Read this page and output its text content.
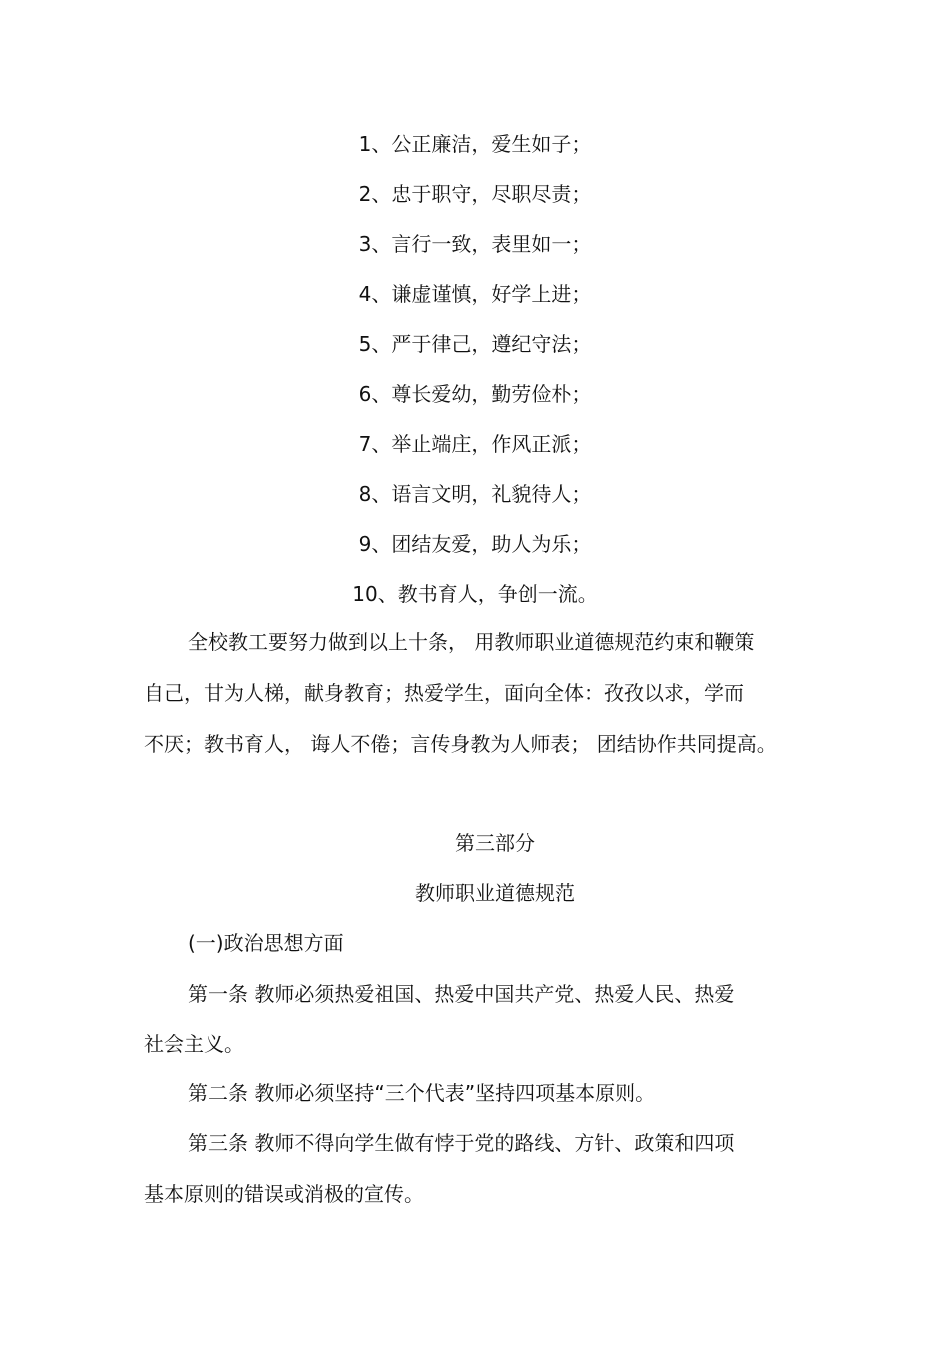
1、公正廉洁，爱生如子；
2、忠于职守，尽职尽责；
3、言行一致，表里如一；
4、谦虚谨慎，好学上进；
5、严于律己，遵纪守法；
6、尊长爱幼，勤劳俭朴；
7、举止端庄，作风正派；
8、语言文明，礼貌待人；
9、团结友爱，助人为乐；
10、教书育人，争创一流。
全校教工要努力做到以上十条， 用教师职业道德规范约束和鞭策
自己，甘为人梯，献身教育；热爱学生，面向全体：孜孜以求，学而
不厌；教书育人， 诲人不倦；言传身教为人师表； 团结协作共同提高。
第三部分
教师职业道德规范
(一)政治思想方面
第一条 教师必须热爱祖国、热爱中国共产党、热爱人民、热爱
社会主义。
第二条 教师必须坚持“三个代表”坚持四项基本原则。
第三条 教师不得向学生做有悖于党的路线、方针、政策和四项
基本原则的错误或消极的宣传。
